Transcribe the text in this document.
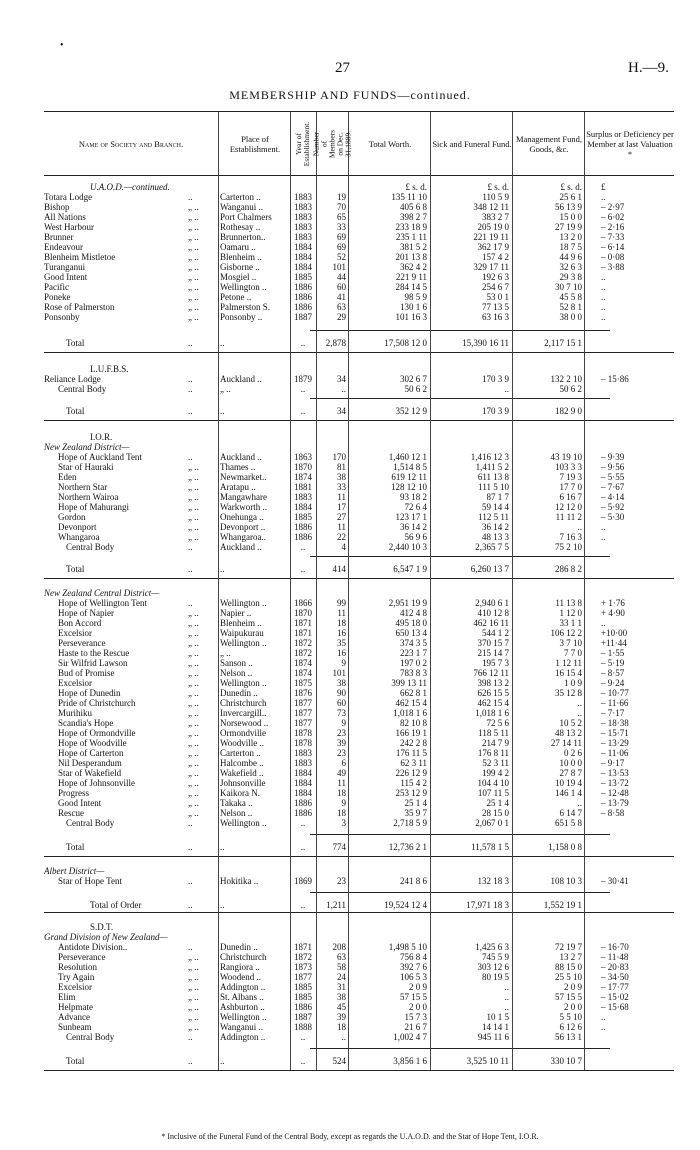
•
27	H.—9.
MEMBERSHIP AND FUNDS—continued.
Name of Society and Branch.	Place of Establishment.	Year of Establishment. Number of Members on Dec. 31,1889.	Total Worth.	Sick and Funeral Fund. Management Fund, Goods, &c.
Surplus or Deficiency per Member at last Valuation *
U.A.O.D.—continued.	£ s. d.	£ s. d.	£ s. d.	£
Totara Lodge	..	Carterton ..	1883	19	135 11 10	110 5 9	25 6 1	..
Bishop	„ ..	Wanganui ..	1883	70	405 6 8	348 12 11	56 13 9	– 2·97
All Nations	„ ..	Port Chalmers	1883	65	398 2 7	383 2 7	15 0 0	– 6·02
West Harbour	„ ..	Rothesay ..	1883	33	233 18 9	205 19 0	27 19 9	– 2·16
Brunner	„ ..	Brunnerton..	1883	69	235 1 11	221 19 11	13 2 0	– 7·33
Endeavour	„ ..	Oamaru ..	1884	69	381 5 2	362 17 9	18 7 5	– 6·14
Blenheim Mistletoe	„ ..	Blenheim ..	1884	52	201 13 8	157 4 2	44 9 6	– 0·08
Turanganui	„ ..	Gisborne ..	1884	101	362 4 2	329 17 11	32 6 3	– 3·88
Good Intent	„ ..	Mosgiel ..	1885	44	221 9 11	192 6 3	29 3 8	..
Pacific	„ ..	Wellington ..	1886	60	284 14 5	254 6 7	30 7 10	..
Poneke	„ ..	Petone ..	1886	41	98 5 9	53 0 1	45 5 8	..
Rose of Palmerston	„ ..	Palmerston S.	1886	63	130 1 6	77 13 5	52 8 1	..
Ponsonby	„ ..	Ponsonby ..	1887	29	101 16 3	63 16 3	38 0 0	..
Total	..	..	..	2,878	17,508 12 0	15,390 16 11	2,117 15 1
L.U.F.B.S.
Reliance Lodge	..	Auckland ..	1879	34	302 6 7	170 3 9	132 2 10	– 15·86
Central Body	..	„ ..	..	..	50 6 2	..	50 6 2
Total	..	..	..	34	352 12 9	170 3 9	182 9 0
I.O.R.
New Zealand District—
Hope of Auckland Tent	..	Auckland ..	1863	170	1,460 12 1	1,416 12 3	43 19 10	– 9·39
Star of Hauraki	„ ..	Thames ..	1870	81	1,514 8 5	1,411 5 2	103 3 3	– 9·56
Eden	„ ..	Newmarket..	1874	38	619 12 11	611 13 8	7 19 3	– 5·55
Northern Star	„ ..	Aratapu ..	1881	33	128 12 10	111 5 10	17 7 0	– 7·67
Northern Wairoa	„ ..	Mangawhare	1883	11	93 18 2	87 1 7	6 16 7	– 4·14
Hope of Mahurangi	„ ..	Warkworth ..	1884	17	72 6 4	59 14 4	12 12 0	– 5·92
Gordon	„ ..	Onehunga ..	1885	27	123 17 1	112 5 11	11 11 2	– 5·30
Devonport	„ ..	Devonport ..	1886	11	36 14 2	36 14 2	..	..
Whangaroa	„ ..	Whangaroa..	1886	22	56 9 6	48 13 3	7 16 3	..
Central Body	..	Auckland ..	..	4	2,440 10 3	2,365 7 5	75 2 10
Total	..	..	..	414	6,547 1 9	6,260 13 7	286 8 2
New Zealand Central District—
Hope of Wellington Tent	..	Wellington ..	1866	99	2,951 19 9	2,940 6 1	11 13 8	+ 1·76
Hope of Napier	„ ..	Napier ..	1870	11	412 4 8	410 12 8	1 12 0	+ 4·90
Bon Accord	„ ..	Blenheim ..	1871	18	495 18 0	462 16 11	33 1 1	..
Excelsior	„ ..	Waipukurau	1871	16	650 13 4	544 1 2	106 12 2	+10·00
Perseverance	„ ..	Wellington ..	1872	35	374 3 5	370 15 7	3 7 10	+11·44
Haste to the Rescue	„ ..	„ ..	1872	16	223 1 7	215 14 7	7 7 0	– 1·55
Sir Wilfrid Lawson	„ ..	Sanson ..	1874	9	197 0 2	195 7 3	1 12 11	– 5·19
Bud of Promise	„ ..	Nelson ..	1874	101	783 8 3	766 12 11	16 15 4	– 8·57
Excelsior	„ ..	Wellington ..	1875	38	399 13 11	398 13 2	1 0 9	– 9·24
Hope of Dunedin	„ ..	Dunedin ..	1876	90	662 8 1	626 15 5	35 12 8	– 10·77
Pride of Christchurch	„ ..	Christchurch	1877	60	462 15 4	462 15 4	..	– 11·66
Murihiku	„ ..	Invercargill..	1877	73	1,018 1 6	1,018 1 6	..	– 7·17
Scandia's Hope	„ ..	Norsewood ..	1877	9	82 10 8	72 5 6	10 5 2	– 18·38
Hope of Ormondville	„ ..	Ormondville	1878	23	166 19 1	118 5 11	48 13 2	– 15·71
Hope of Woodville	„ ..	Woodville ..	1878	39	242 2 8	214 7 9	27 14 11	– 13·29
Hope of Carterton	„ ..	Carterton ..	1883	23	176 11 5	176 8 11	0 2 6	– 11·06
Nil Desperandum	„ ..	Halcombe ..	1883	6	62 3 11	52 3 11	10 0 0	– 9·17
Star of Wakefield	„ ..	Wakefield ..	1884	49	226 12 9	199 4 2	27 8 7	– 13·53
Hope of Johnsonville	„ ..	Johnsonville	1884	11	115 4 2	104 4 10	10 19 4	– 13·72
Progress	„ ..	Kaikora N.	1884	18	253 12 9	107 11 5	146 1 4	– 12·48
Good Intent	„ ..	Takaka ..	1886	9	25 1 4	25 1 4	..	– 13·79
Rescue	„ ..	Nelson ..	1886	18	35 9 7	28 15 0	6 14 7	– 8·58
Central Body	..	Wellington ..	..	3	2,718 5 9	2,067 0 1	651 5 8
Total	..	..	..	774	12,736 2 1	11,578 1 5	1,158 0 8
Albert District—
Star of Hope Tent	..	Hokitika ..	1869	23	241 8 6	132 18 3	108 10 3	– 30·41
Total of Order	..	..	..	1,211	19,524 12 4	17,971 18 3	1,552 19 1
S.D.T.
Grand Division of New Zealand—
Antidote Division..	..	Dunedin ..	1871	208	1,498 5 10	1,425 6 3	72 19 7	– 16·70
Perseverance	„ ..	Christchurch	1872	63	756 8 4	745 5 9	13 2 7	– 11·48
Resolution	„ ..	Rangiora ..	1873	58	392 7 6	303 12 6	88 15 0	– 20·83
Try Again	„ ..	Woodend ..	1877	24	106 5 3	80 19 5	25 5 10	– 34·50
Excelsior	„ ..	Addington ..	1885	31	2 0 9	..	2 0 9	– 17·77
Elim	„ ..	St. Albans ..	1885	38	57 15 5	..	57 15 5	– 15·02
Helpmate	„ ..	Ashburton ..	1886	45	2 0 0	..	2 0 0	– 15·68
Advance	„ ..	Wellington ..	1887	39	15 7 3	10 1 5	5 5 10	..
Sunbeam	„ ..	Wanganui ..	1888	18	21 6 7	14 14 1	6 12 6	..
Central Body	..	Addington ..	..	..	1,002 4 7	945 11 6	56 13 1
Total	..	..	..	524	3,856 1 6	3,525 10 11	330 10 7
* Inclusive of the Funeral Fund of the Central Body, except as regards the U.A.O.D. and the Star of Hope Tent, I.O.R.
